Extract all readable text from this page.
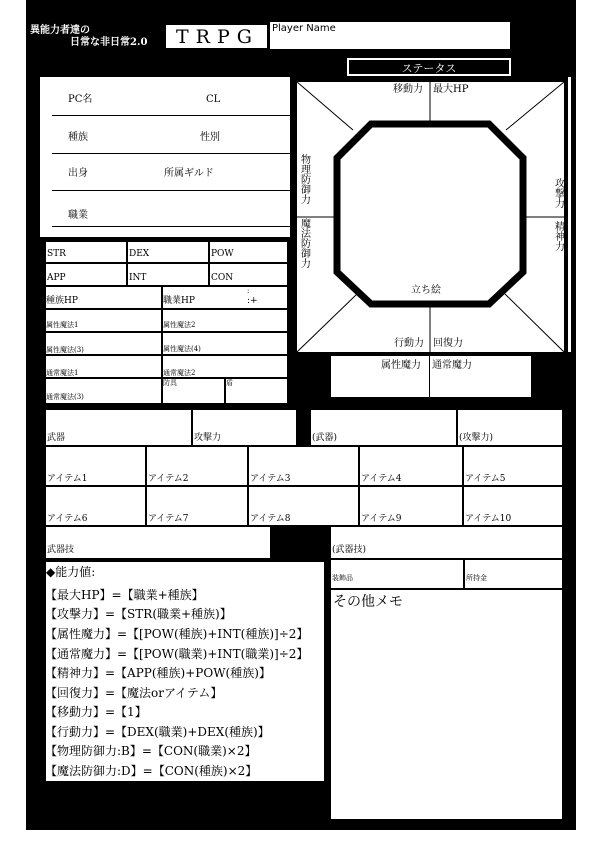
異能力者達の
日常な非日常2.0 TRPG Player Name
PC名	CL
種族	性別
出身	所属ギルド
職業
STR	DEX	POW
APP	INT	CON
種族HP	職業HP
:
:+
属性魔法1	属性魔法2
属性魔法(3)	属性魔法(4)
通常魔法1	通常魔法2
通常魔法(3)
防具	盾
ステータス
移動力 最大HP
物理防御力
魔法防御力
攻撃力
精神力
立ち絵
行動力 回復力
属性魔力 通常魔力
武器	攻撃力	(武器)	(攻撃力)
アイテム1	アイテム2	アイテム3	アイテム4	アイテム5
アイテム6	アイテム7	アイテム8	アイテム9	アイテム10
武器技	(武器技)
装飾品	所持金
◆能力値:
【最大HP】=【職業+種族】
【攻撃力】=【STR(職業+種族)】
【属性魔力】=【[POW(種族)+INT(種族)]÷2】
【通常魔力】=【[POW(職業)+INT(職業)]÷2】
【精神力】=【APP(種族)+POW(種族)】
【回復力】=【魔法orアイテム】
【移動力】=【1】
【行動力】=【DEX(職業)+DEX(種族)】
【物理防御力:B】=【CON(職業)×2】
【魔法防御力:D】=【CON(種族)×2】
その他メモ
